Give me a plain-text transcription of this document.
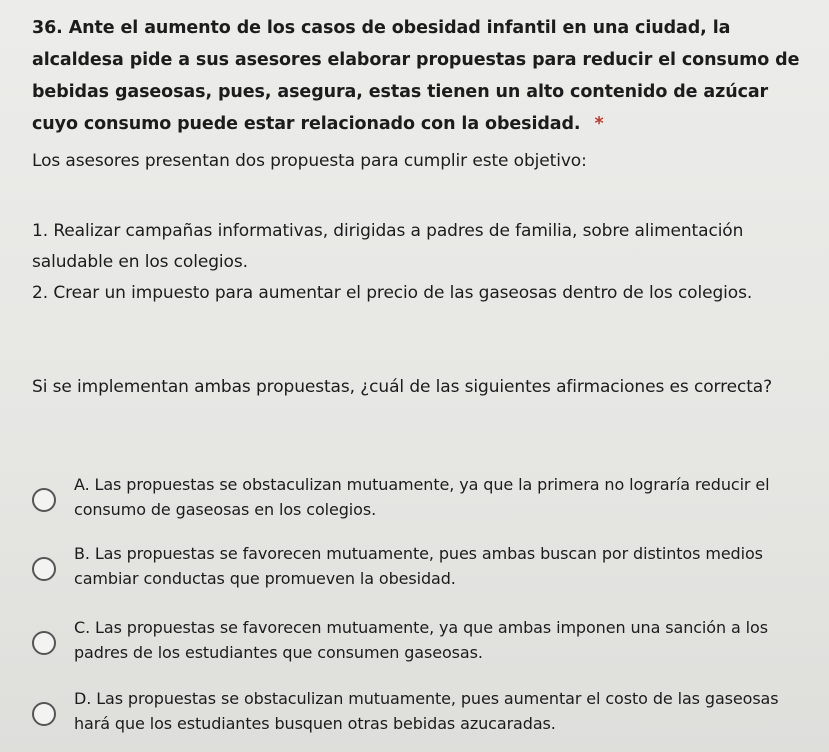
36. Ante el aumento de los casos de obesidad infantil en una ciudad, la alcaldesa pide a sus asesores elaborar propuestas para reducir el consumo de bebidas gaseosas, pues, asegura, estas tienen un alto contenido de azúcar cuyo consumo puede estar relacionado con la obesidad. *
Los asesores presentan dos propuesta para cumplir este objetivo:
1. Realizar campañas informativas, dirigidas a padres de familia, sobre alimentación saludable en los colegios.
2. Crear un impuesto para aumentar el precio de las gaseosas dentro de los colegios.
Si se implementan ambas propuestas, ¿cuál de las siguientes afirmaciones es correcta?
A. Las propuestas se obstaculizan mutuamente, ya que la primera no lograría reducir el consumo de gaseosas en los colegios.
B. Las propuestas se favorecen mutuamente, pues ambas buscan por distintos medios cambiar conductas que promueven la obesidad.
C. Las propuestas se favorecen mutuamente, ya que ambas imponen una sanción a los padres de los estudiantes que consumen gaseosas.
D. Las propuestas se obstaculizan mutuamente, pues aumentar el costo de las gaseosas hará que los estudiantes busquen otras bebidas azucaradas.
